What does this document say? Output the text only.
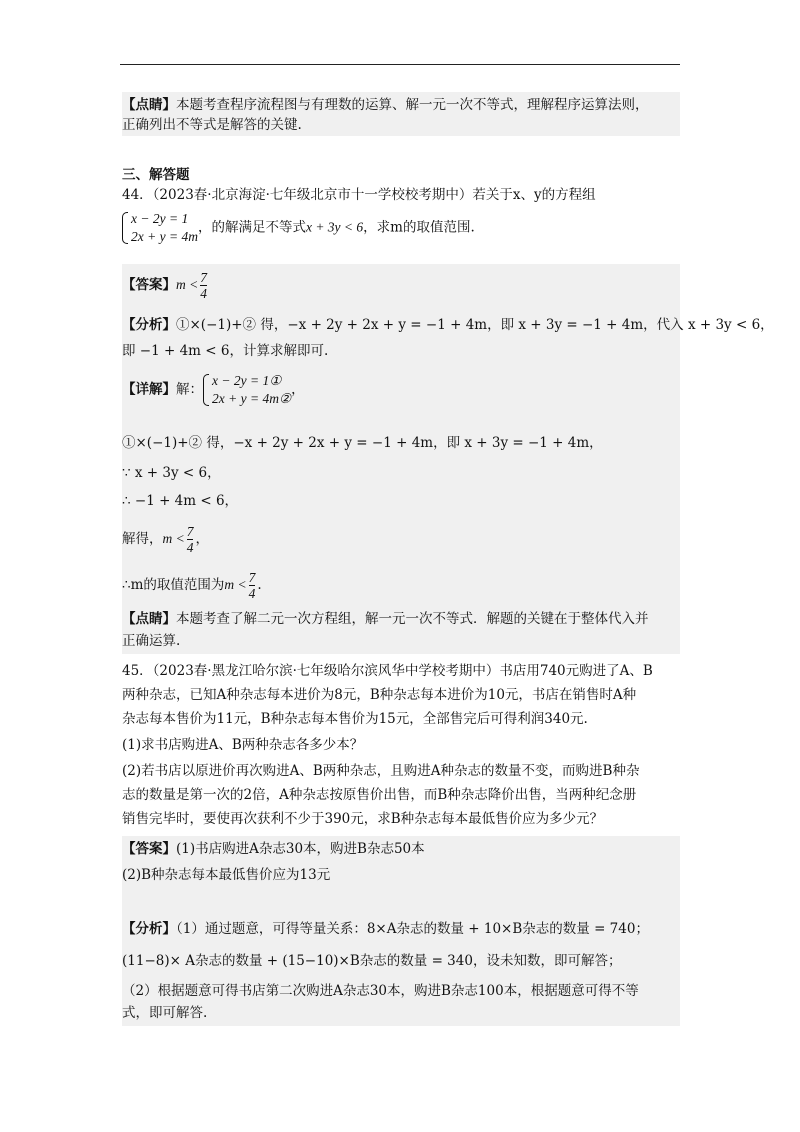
【点睛】本题考查程序流程图与有理数的运算、解一元一次不等式，理解程序运算法则，
正确列出不等式是解答的关键.
三、解答题
44．（2023春·北京海淀·七年级北京市十一学校校考期中）若关于x、y的方程组
x − 2y = 1
2x + y = 4m
，的解满足不等式x + 3y < 6，求m的取值范围.
【答案】$m < \frac{7}{4}$
【分析】①×(−1)+② 得，−x + 2y + 2x + y = −1 + 4m，即 x + 3y = −1 + 4m，代入 x + 3y < 6，
即 −1 + 4m < 6，计算求解即可.
【详解】解：
x − 2y = 1①
2x + y = 4m②
，
①×(−1)+② 得，−x + 2y + 2x + y = −1 + 4m，即 x + 3y = −1 + 4m，
∵ x + 3y < 6，
∴ −1 + 4m < 6，
解得，$m < \frac{7}{4}$ ，
∴m的取值范围为$m < \frac{7}{4}$ .
【点睛】本题考查了解二元一次方程组，解一元一次不等式．解题的关键在于整体代入并
正确运算.
45．（2023春·黑龙江哈尔滨·七年级哈尔滨风华中学校考期中）书店用740元购进了A、B
两种杂志，已知A种杂志每本进价为8元，B种杂志每本进价为10元，书店在销售时A种
杂志每本售价为11元，B种杂志每本售价为15元，全部售完后可得利润340元.
(1)求书店购进A、B两种杂志各多少本？
(2)若书店以原进价再次购进A、B两种杂志，且购进A种杂志的数量不变，而购进B种杂
志的数量是第一次的2倍，A种杂志按原售价出售，而B种杂志降价出售，当两种纪念册
销售完毕时，要使再次获利不少于390元，求B种杂志每本最低售价应为多少元？
【答案】(1)书店购进A杂志30本，购进B杂志50本
(2)B种杂志每本最低售价应为13元
【分析】（1）通过题意，可得等量关系：8×A杂志的数量 + 10×B杂志的数量 = 740；
(11−8)× A杂志的数量 + (15−10)×B杂志的数量 = 340，设未知数，即可解答；
（2）根据题意可得书店第二次购进A杂志30本，购进B杂志100本，根据题意可得不等
式，即可解答.
